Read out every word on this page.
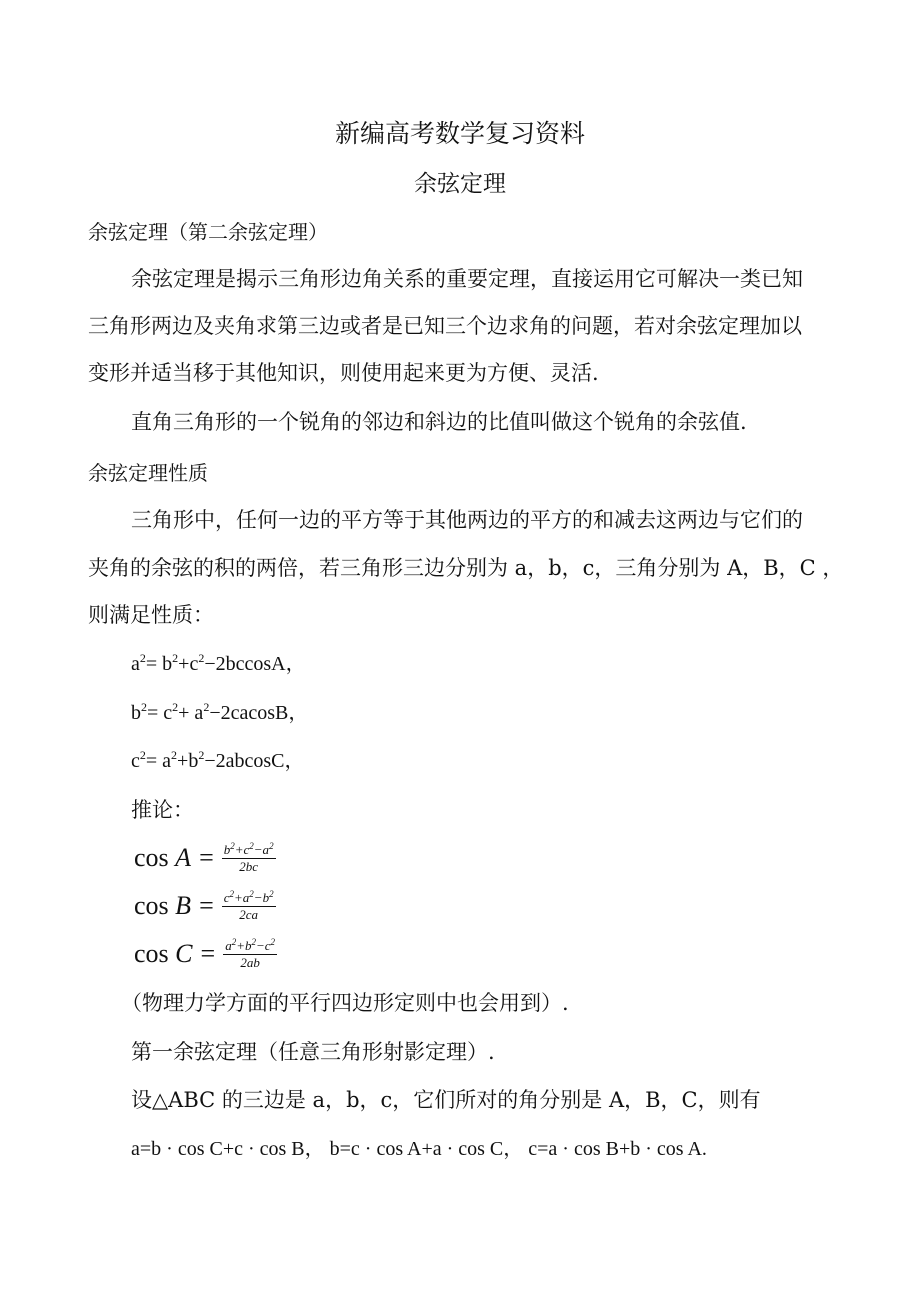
新编高考数学复习资料
余弦定理
余弦定理（第二余弦定理）
余弦定理是揭示三角形边角关系的重要定理，直接运用它可解决一类已知
三角形两边及夹角求第三边或者是已知三个边求角的问题，若对余弦定理加以
变形并适当移于其他知识，则使用起来更为方便、灵活.
直角三角形的一个锐角的邻边和斜边的比值叫做这个锐角的余弦值.
余弦定理性质
三角形中，任何一边的平方等于其他两边的平方的和减去这两边与它们的
夹角的余弦的积的两倍，若三角形三边分别为 a，b，c，三角分别为 A，B，C ，
则满足性质：
$a^2= b^2+c^2-2bccosA$，
$b^2= c^2+ a^2-2cacosB$，
$c^2= a^2+b^2-2abcosC$，
推论：
$\cos A = \frac{b^2+c^2-a^2}{2bc}$
$\cos B = \frac{c^2+a^2-b^2}{2ca}$
$\cos C = \frac{a^2+b^2-c^2}{2ab}$
（物理力学方面的平行四边形定则中也会用到）.
第一余弦定理（任意三角形射影定理）.
设△ABC 的三边是 a，b，c，它们所对的角分别是 A，B，C，则有
a=b · cos C+c · cos B， b=c · cos A+a · cos C， c=a · cos B+b · cos A.
